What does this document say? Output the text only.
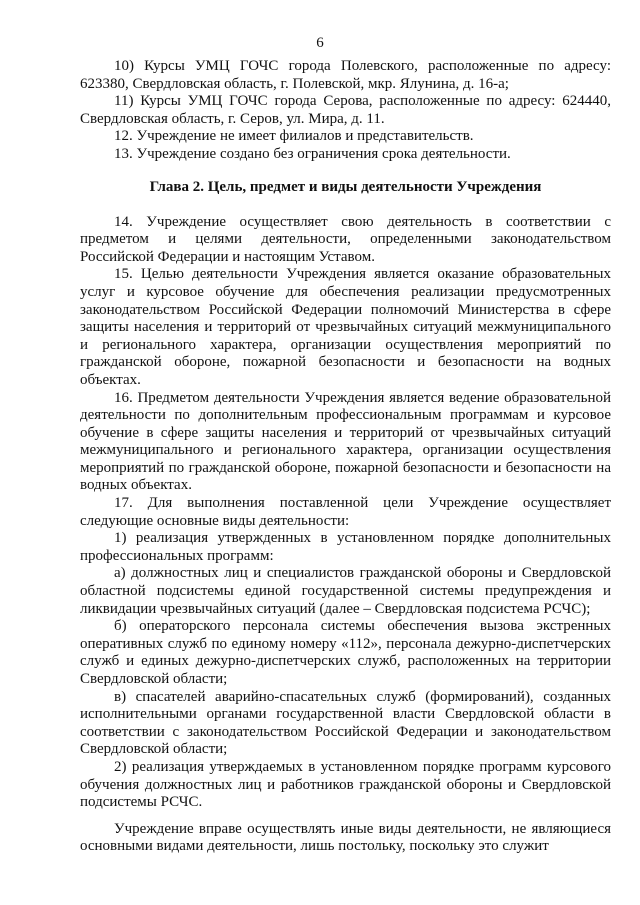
6

10) Курсы УМЦ ГОЧС города Полевского, расположенные по адресу: 623380, Свердловская область, г. Полевской, мкр. Ялунина, д. 16-а;

11) Курсы УМЦ ГОЧС города Серова, расположенные по адресу: 624440, Свердловская область, г. Серов, ул. Мира, д. 11.

12. Учреждение не имеет филиалов и представительств.

13. Учреждение создано без ограничения срока деятельности.

Глава 2. Цель, предмет и виды деятельности Учреждения

14. Учреждение осуществляет свою деятельность в соответствии с предметом и целями деятельности, определенными законодательством Российской Федерации и настоящим Уставом.

15. Целью деятельности Учреждения является оказание образовательных услуг и курсовое обучение для обеспечения реализации предусмотренных законодательством Российской Федерации полномочий Министерства в сфере защиты населения и территорий от чрезвычайных ситуаций межмуниципального и регионального характера, организации осуществления мероприятий по гражданской обороне, пожарной безопасности и безопасности на водных объектах.

16. Предметом деятельности Учреждения является ведение образовательной деятельности по дополнительным профессиональным программам и курсовое обучение в сфере защиты населения и территорий от чрезвычайных ситуаций межмуниципального и регионального характера, организации осуществления мероприятий по гражданской обороне, пожарной безопасности и безопасности на водных объектах.

17. Для выполнения поставленной цели Учреждение осуществляет следующие основные виды деятельности:

1) реализация утвержденных в установленном порядке дополнительных профессиональных программ:

а) должностных лиц и специалистов гражданской обороны и Свердловской областной подсистемы единой государственной системы предупреждения и ликвидации чрезвычайных ситуаций (далее – Свердловская подсистема РСЧС);

б) операторского персонала системы обеспечения вызова экстренных оперативных служб по единому номеру «112», персонала дежурно-диспетчерских служб и единых дежурно-диспетчерских служб, расположенных на территории Свердловской области;

в) спасателей аварийно-спасательных служб (формирований), созданных исполнительными органами государственной власти Свердловской области в соответствии с законодательством Российской Федерации и законодательством Свердловской области;

2) реализация утверждаемых в установленном порядке программ курсового обучения должностных лиц и работников гражданской обороны и Свердловской подсистемы РСЧС.

Учреждение вправе осуществлять иные виды деятельности, не являющиеся основными видами деятельности, лишь постольку, поскольку это служит
